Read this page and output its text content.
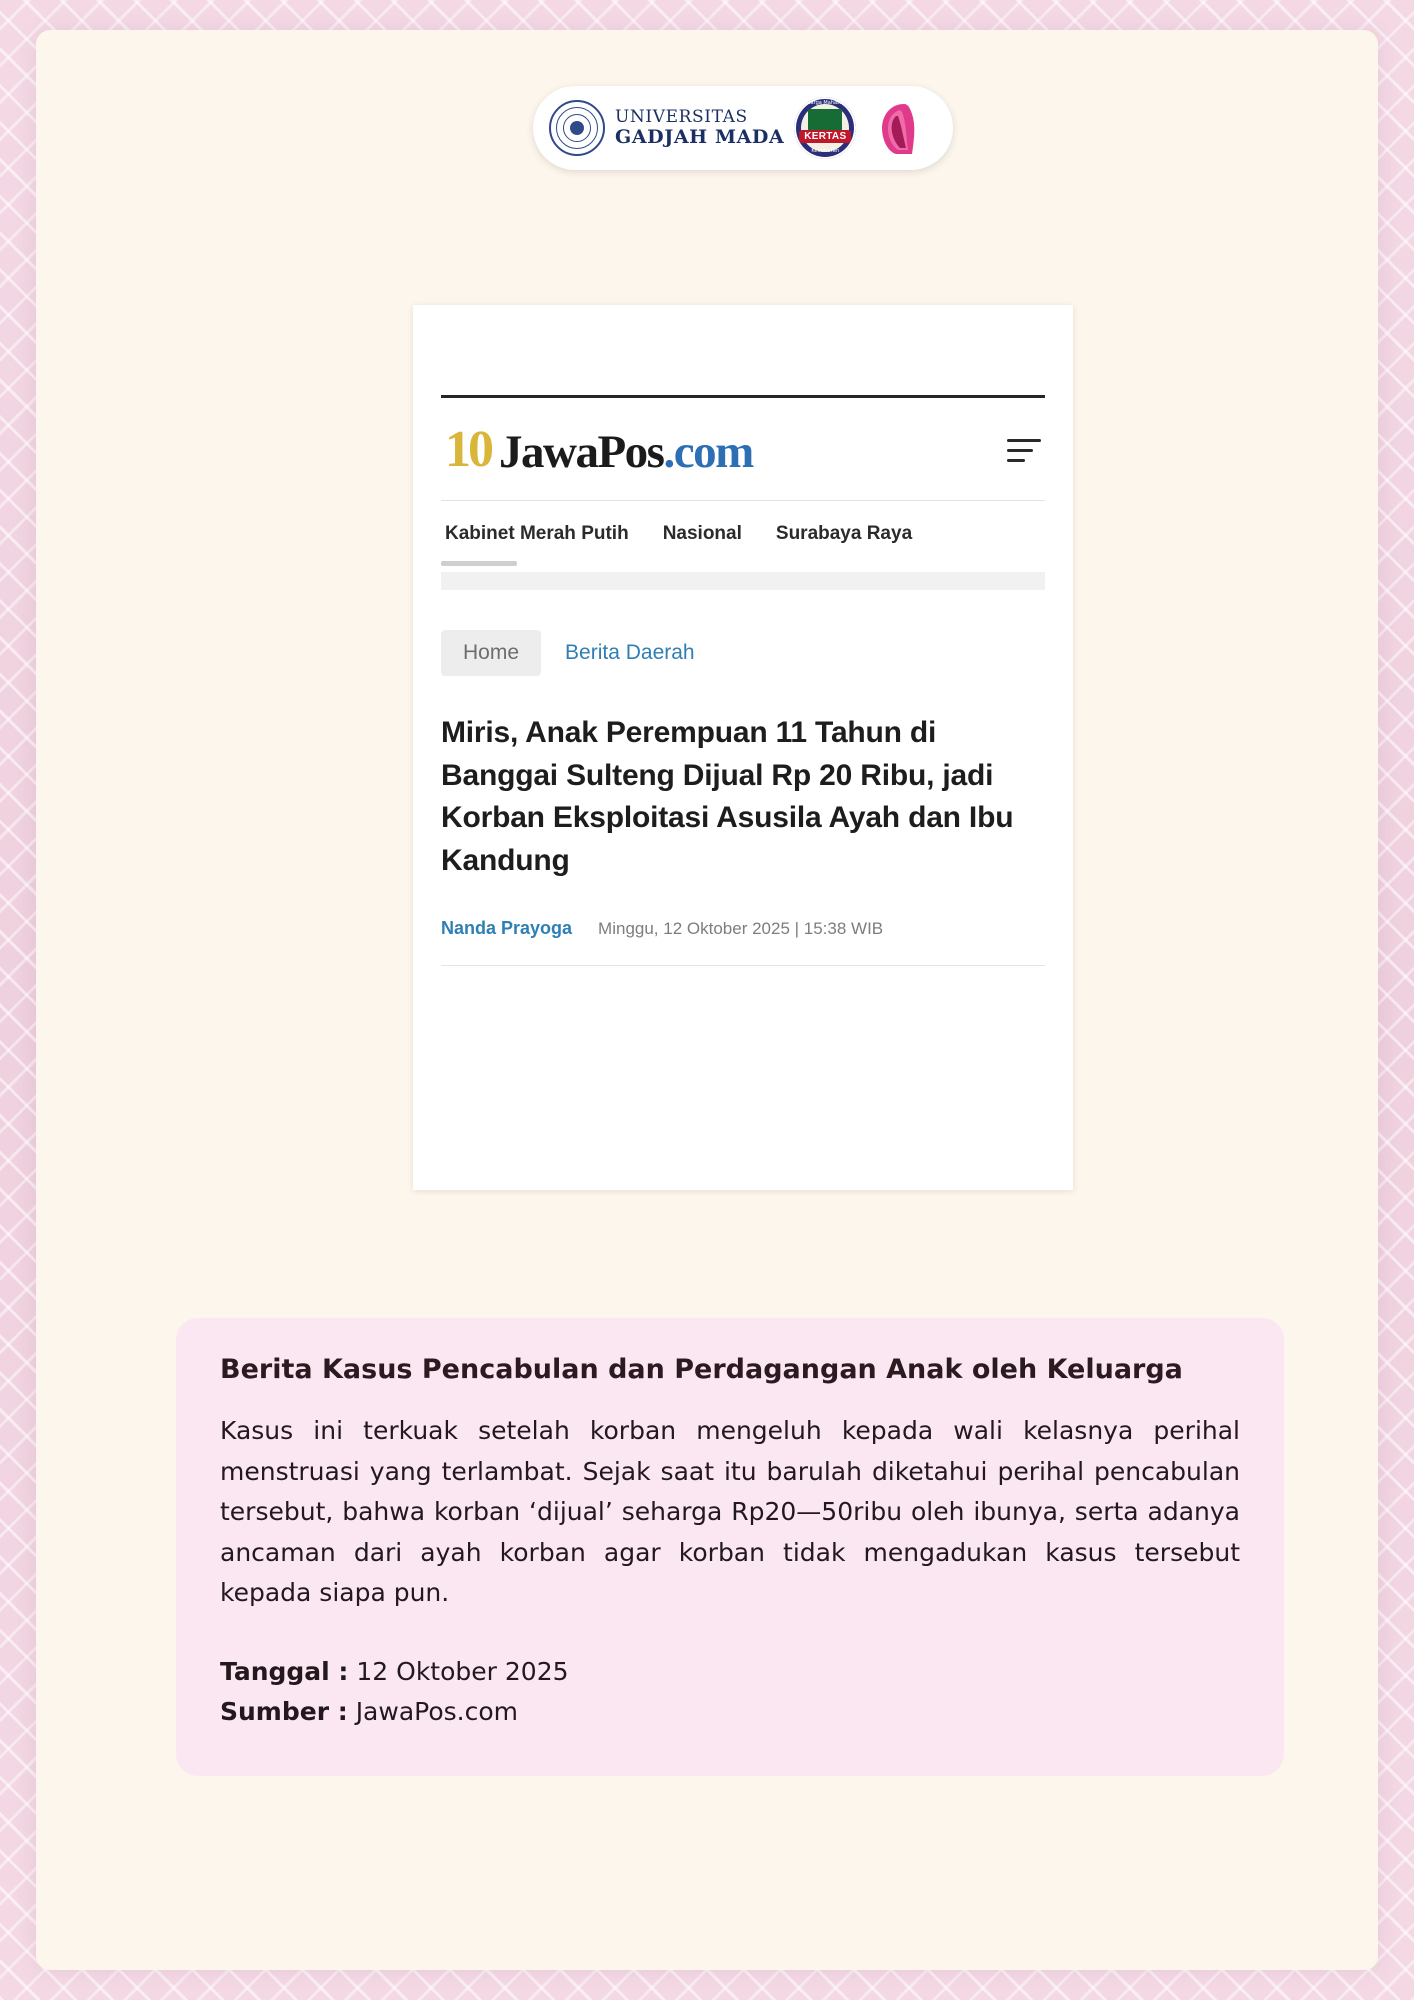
UNIVERSITAS
GADJAH MADA
Keluarga Mahasiswa
KERTAS
Kesehatan
10 JawaPos.com
Kabinet Merah Putih Nasional Surabaya Raya
Home	Berita Daerah
Miris, Anak Perempuan 11 Tahun di Banggai Sulteng Dijual Rp 20 Ribu, jadi Korban Eksploitasi Asusila Ayah dan Ibu Kandung
Nanda Prayoga Minggu, 12 Oktober 2025 | 15:38 WIB
Berita Kasus Pencabulan dan Perdagangan Anak oleh Keluarga
Kasus ini terkuak setelah korban mengeluh kepada wali kelasnya perihal menstruasi yang terlambat. Sejak saat itu barulah diketahui perihal pencabulan tersebut, bahwa korban ‘dijual’ seharga Rp20—50ribu oleh ibunya, serta adanya ancaman dari ayah korban agar korban tidak mengadukan kasus tersebut kepada siapa pun.
Tanggal : 12 Oktober 2025
Sumber : JawaPos.com
